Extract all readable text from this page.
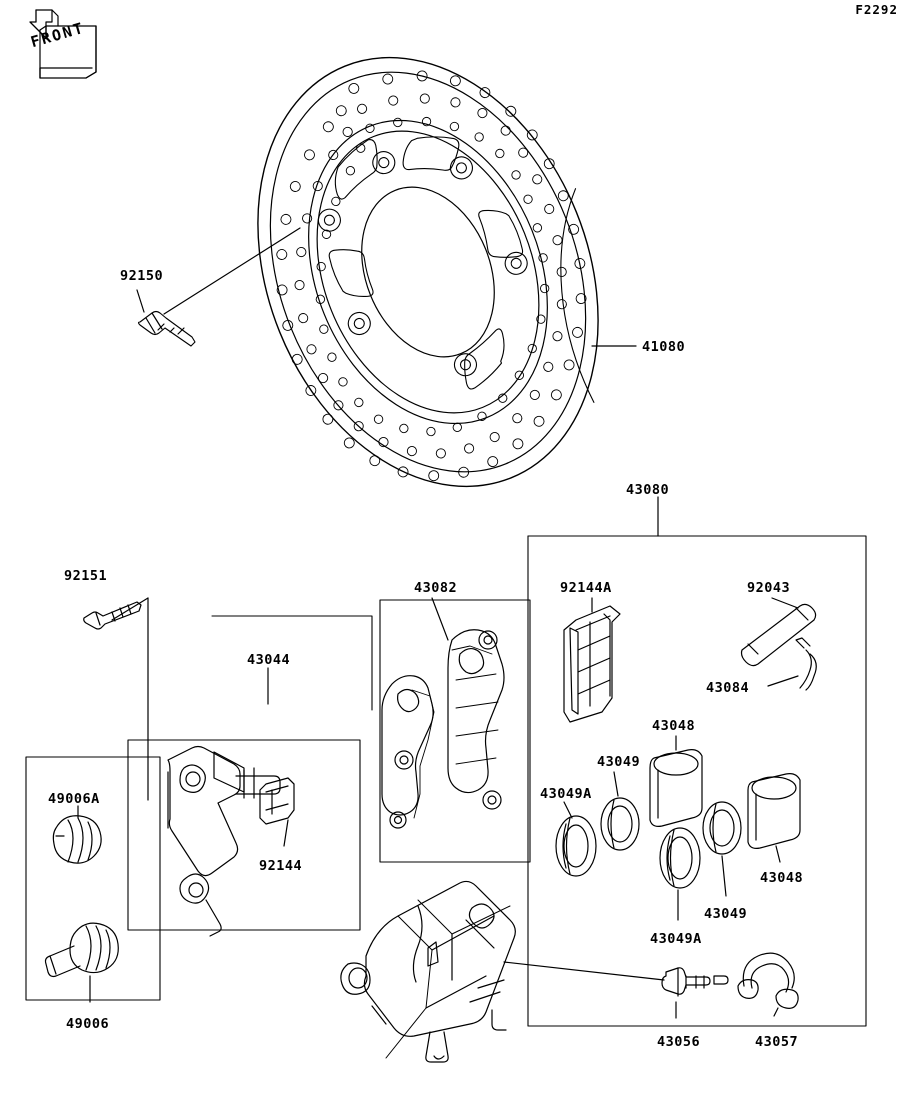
F2292
FRONT
92150
41080
43080
92151
43044
43082	92144A	92043
43084
43048
43049
43049A
43048
43049
43049A
49006A
92144
49006
43056	43057
